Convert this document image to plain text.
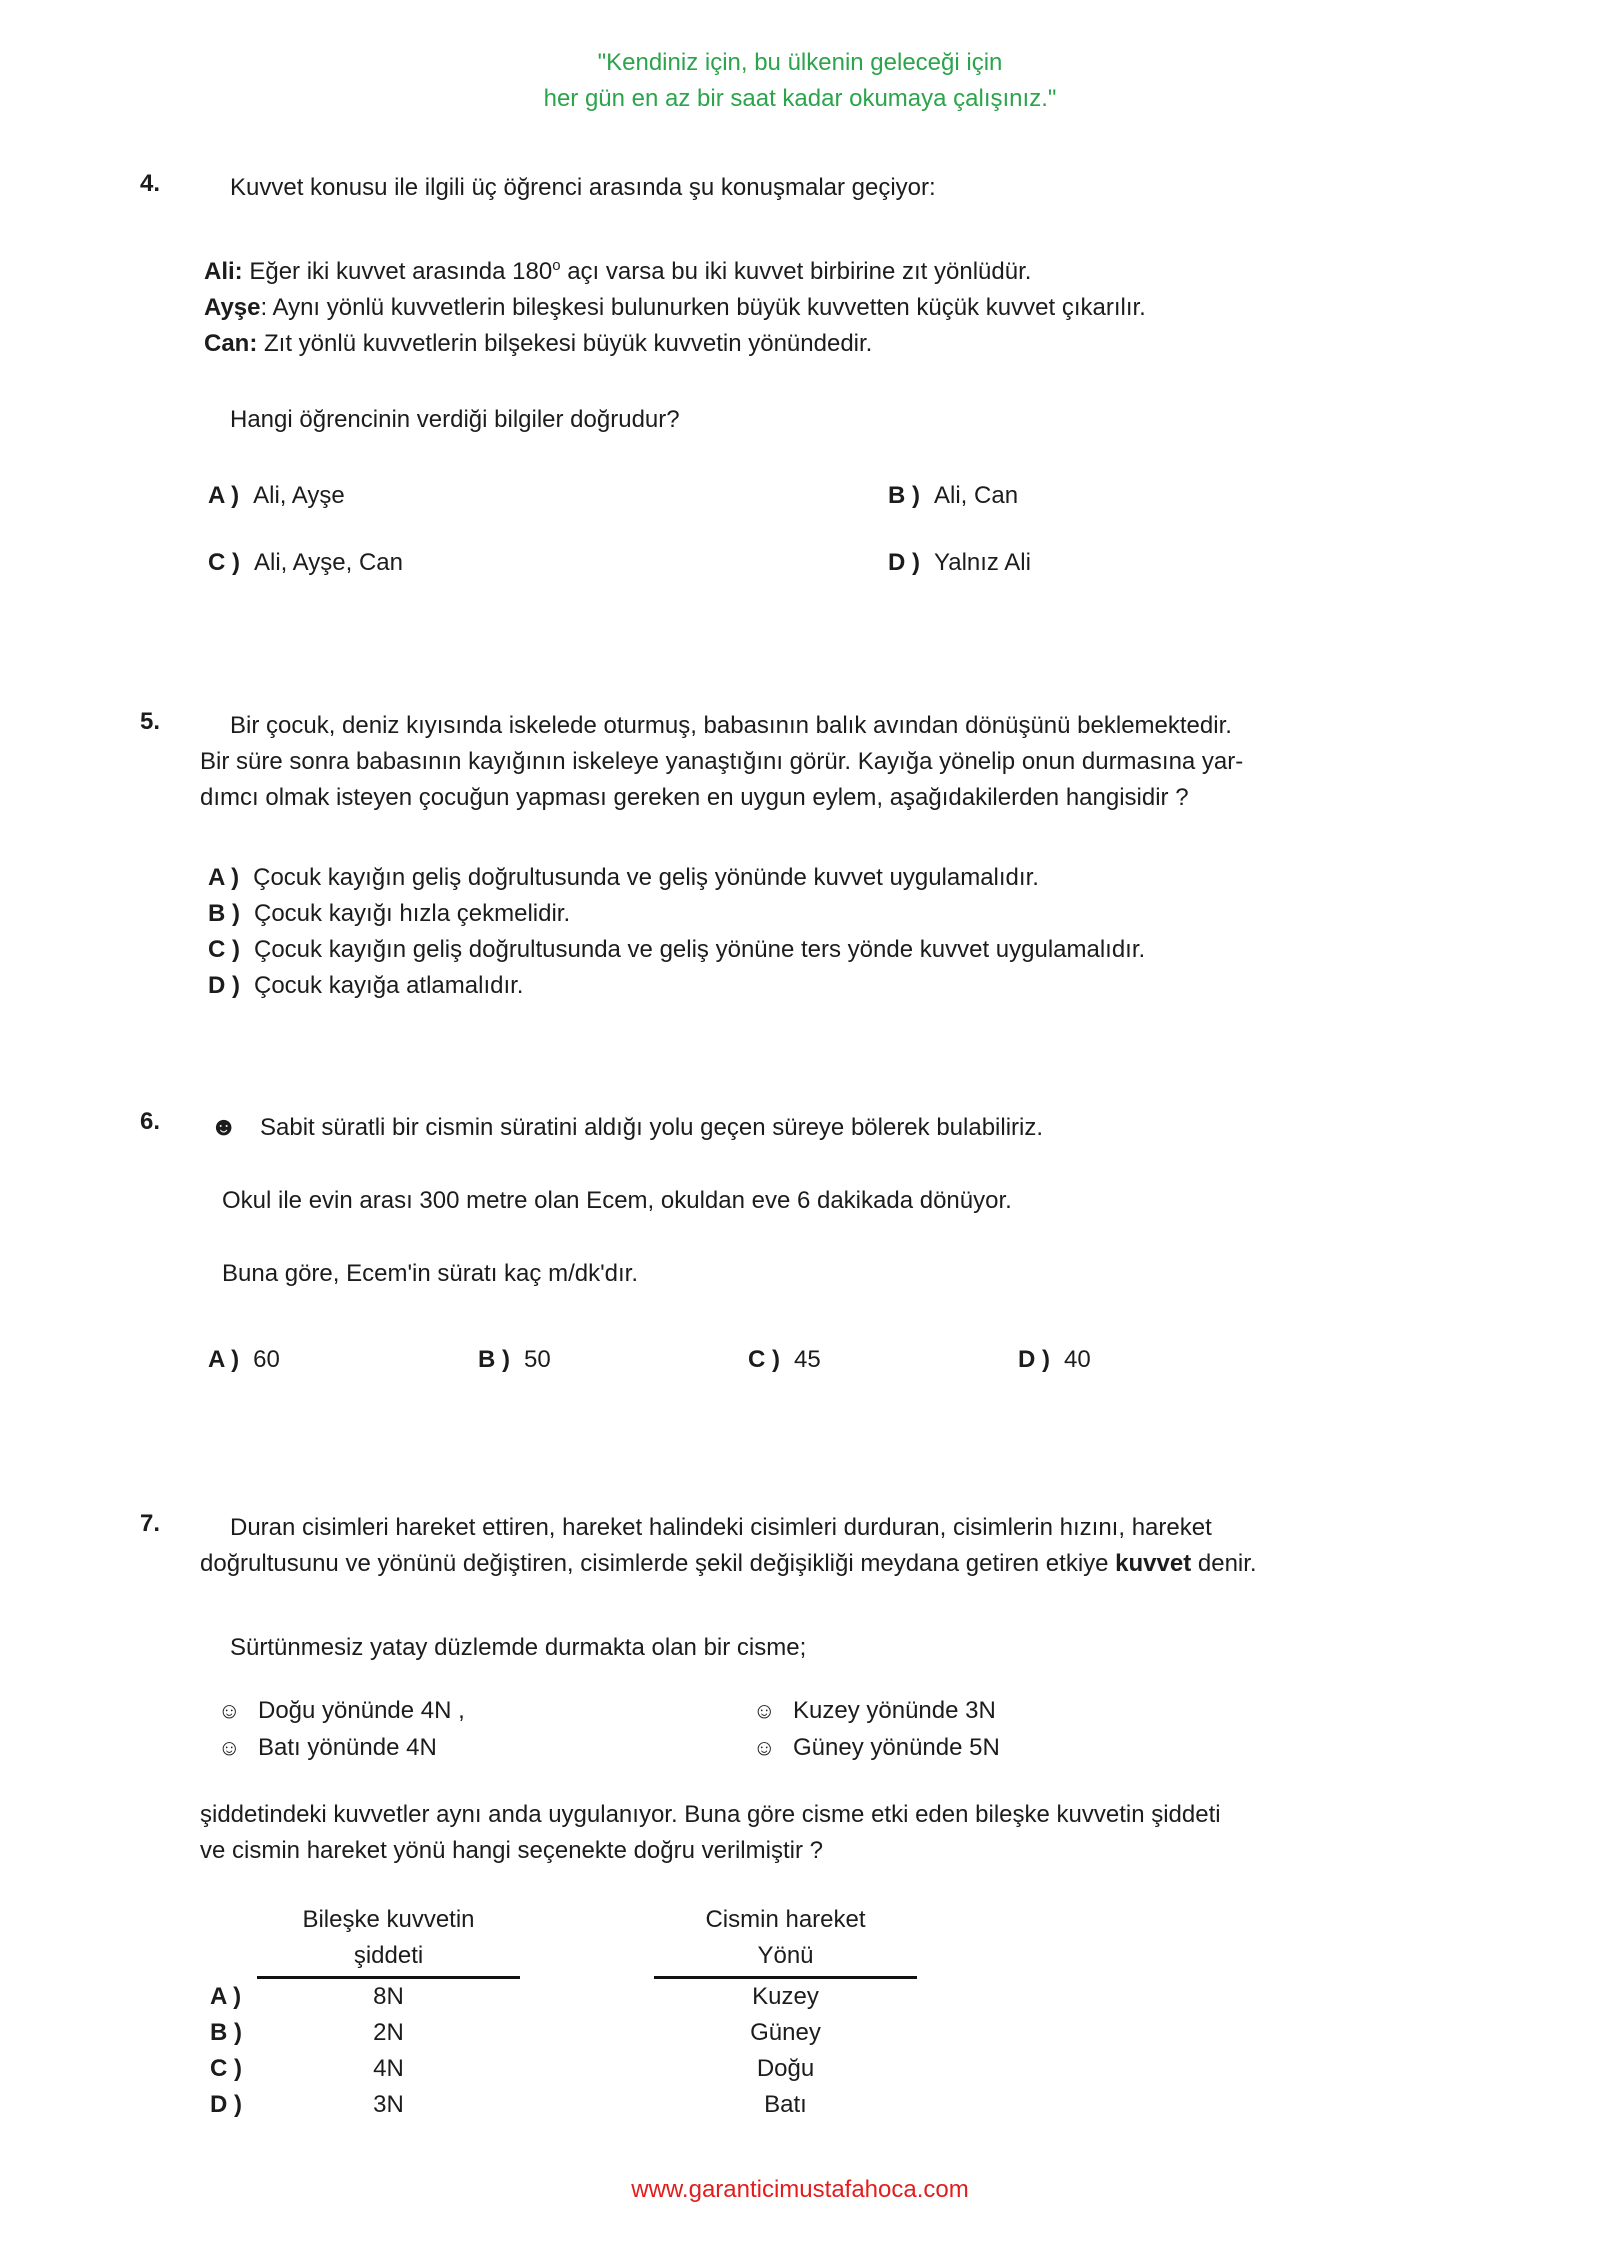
"Kendiniz için, bu ülkenin geleceği için
her gün en az bir saat kadar okumaya çalışınız."
4.	Kuvvet konusu ile ilgili üç öğrenci arasında şu konuşmalar geçiyor:
Ali: Eğer iki kuvvet arasında 180$^o$ açı varsa bu iki kuvvet birbirine zıt yönlüdür.
Ayşe: Aynı yönlü kuvvetlerin bileşkesi bulunurken büyük kuvvetten küçük kuvvet çıkarılır.
Can: Zıt yönlü kuvvetlerin bilşekesi büyük kuvvetin yönündedir.
Hangi öğrencinin verdiği bilgiler doğrudur?
A ) Ali, Ayşe	B ) Ali, Can
C ) Ali, Ayşe, Can	D ) Yalnız Ali
5.	Bir çocuk, deniz kıyısında iskelede oturmuş, babasının balık avından dönüşünü beklemektedir.
Bir süre sonra babasının kayığının iskeleye yanaştığını görür. Kayığa yönelip onun durmasına yar-
dımcı olmak isteyen çocuğun yapması gereken en uygun eylem, aşağıdakilerden hangisidir ?
A ) Çocuk kayığın geliş doğrultusunda ve geliş yönünde kuvvet uygulamalıdır.
B ) Çocuk kayığı hızla çekmelidir.
C ) Çocuk kayığın geliş doğrultusunda ve geliş yönüne ters yönde kuvvet uygulamalıdır.
D ) Çocuk kayığa atlamalıdır.
6.	☻ Sabit süratli bir cismin süratini aldığı yolu geçen süreye bölerek bulabiliriz.
Okul ile evin arası 300 metre olan Ecem, okuldan eve 6 dakikada dönüyor.
Buna göre, Ecem'in süratı kaç m/dk'dır.
A ) 60	B ) 50	C ) 45	D ) 40
7.	Duran cisimleri hareket ettiren, hareket halindeki cisimleri durduran, cisimlerin hızını, hareket
doğrultusunu ve yönünü değiştiren, cisimlerde şekil değişikliği meydana getiren etkiye kuvvet denir.
Sürtünmesiz yatay düzlemde durmakta olan bir cisme;
☺ Doğu yönünde 4N ,	☺ Kuzey yönünde 3N
☺ Batı yönünde 4N	☺ Güney yönünde 5N
şiddetindeki kuvvetler aynı anda uygulanıyor. Buna göre cisme etki eden bileşke kuvvetin şiddeti
ve cismin hareket yönü hangi seçenekte doğru verilmiştir ?
Bileşke kuvvetin
şiddeti
Cismin hareket
Yönü
A )	8N	Kuzey
B )	2N	Güney
C )	4N	Doğu
D )	3N	Batı
www.garanticimustafahoca.com
